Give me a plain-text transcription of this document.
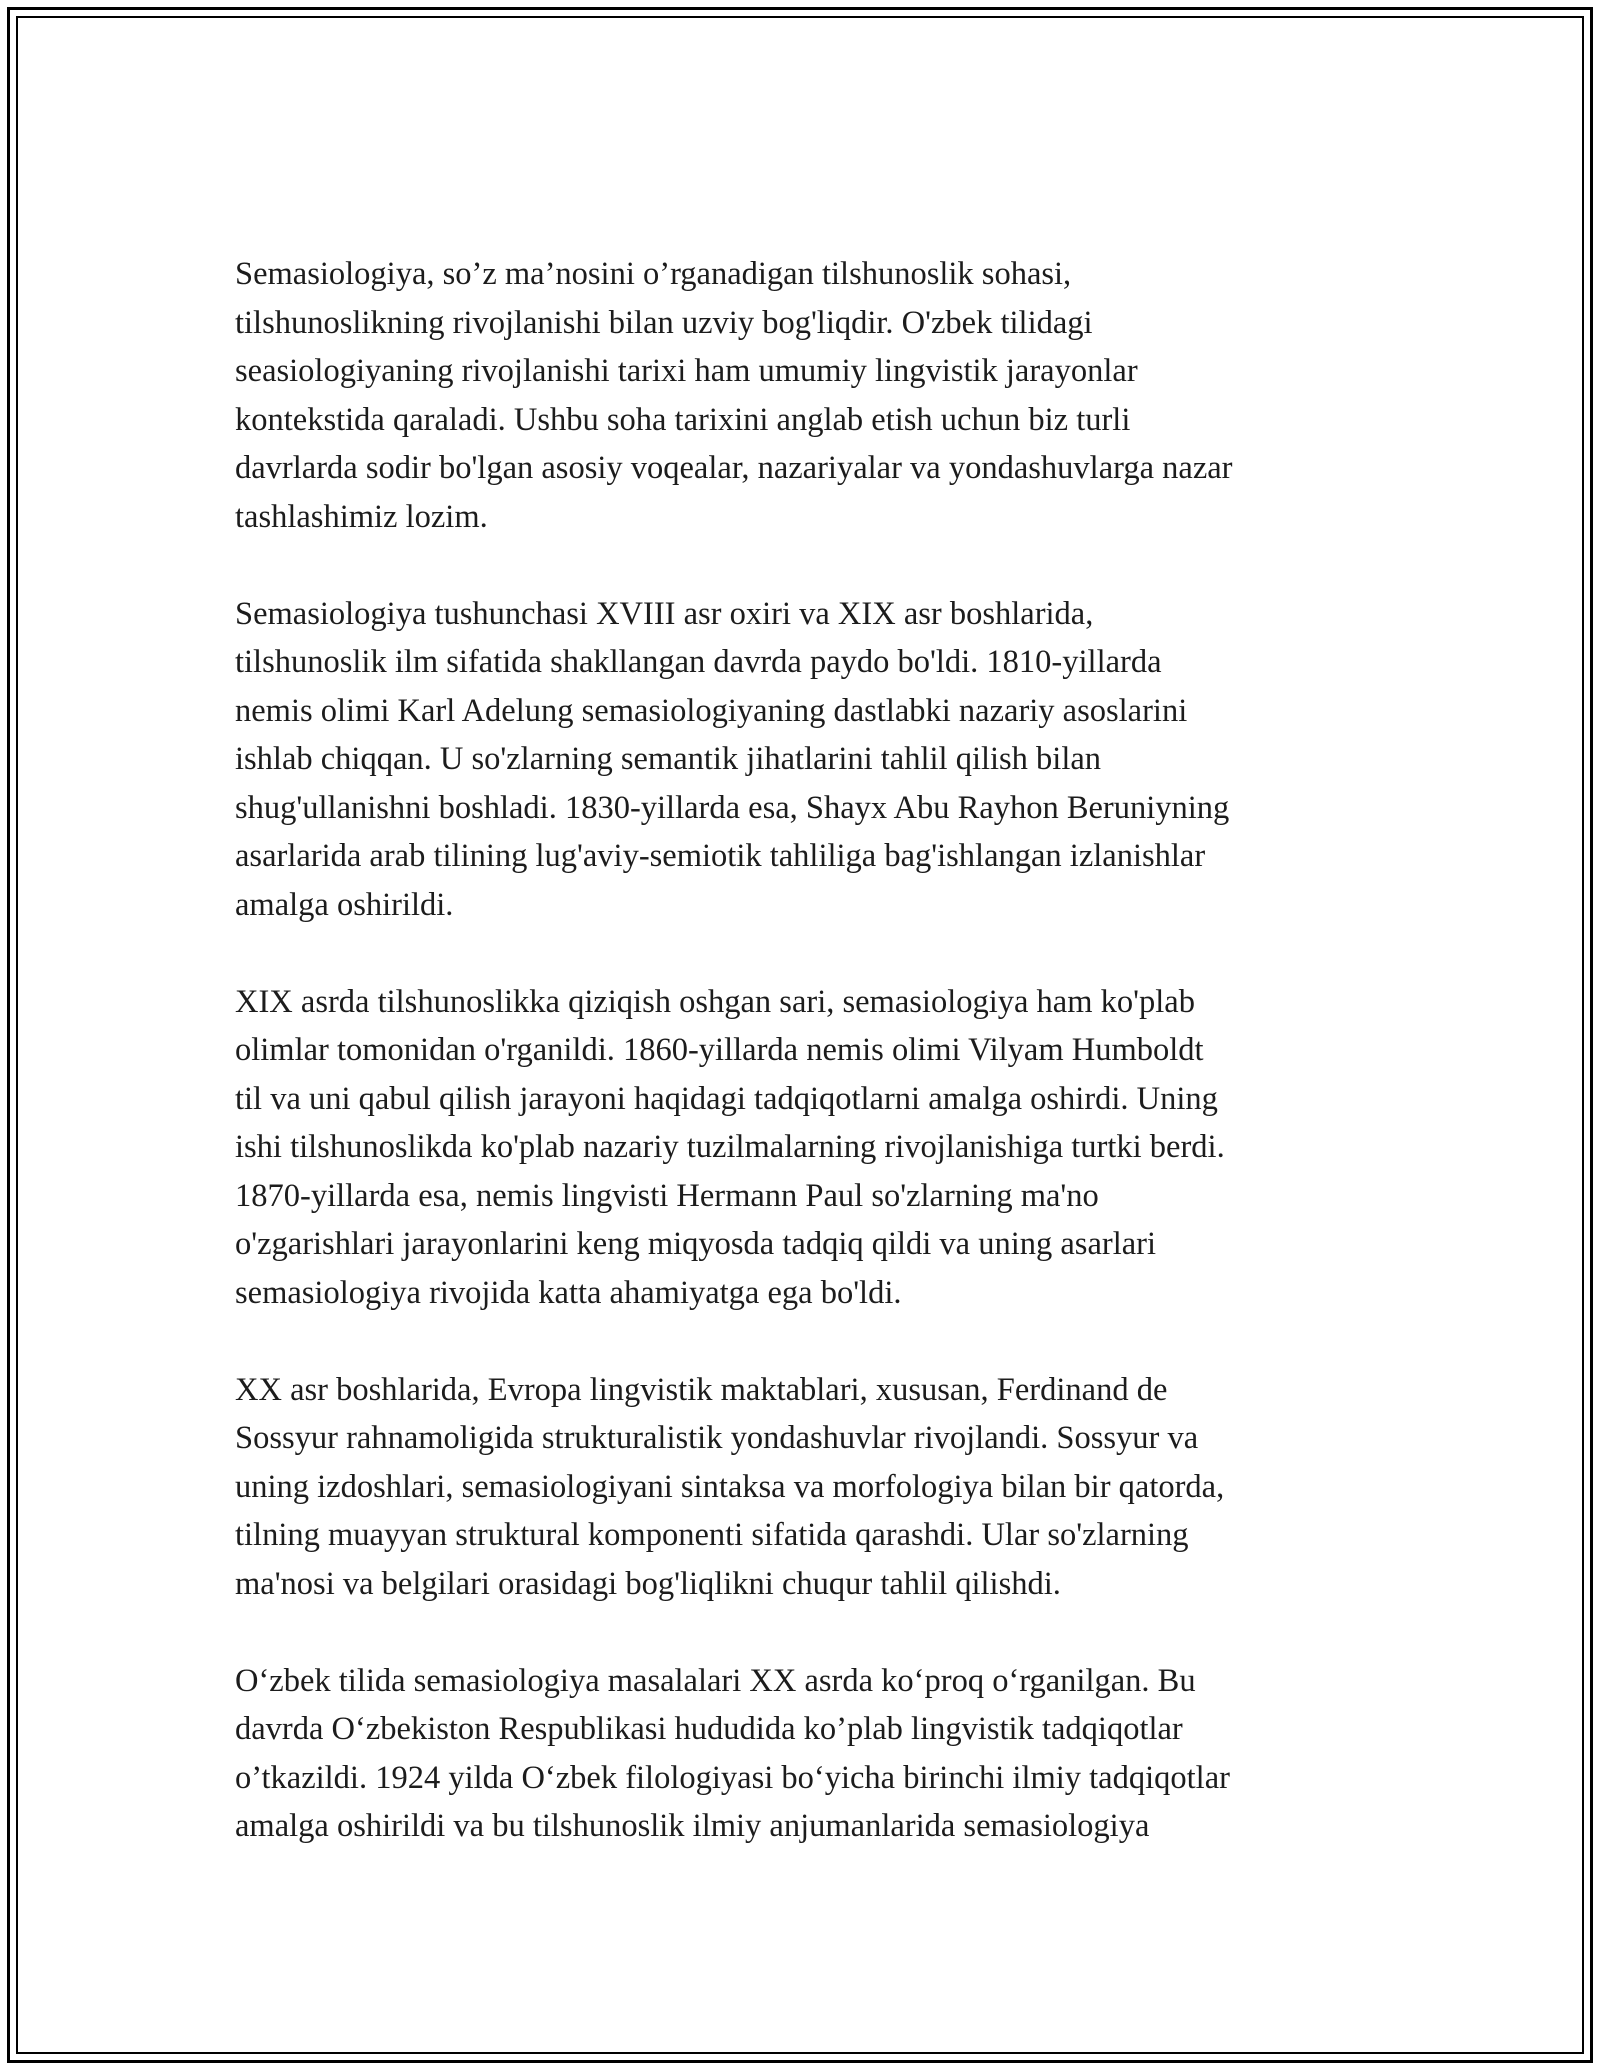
Semasiologiya, so’z ma’nosini o’rganadigan tilshunoslik sohasi,
tilshunoslikning rivojlanishi bilan uzviy bog'liqdir. O'zbek tilidagi
seasiologiyaning rivojlanishi tarixi ham umumiy lingvistik jarayonlar
kontekstida qaraladi. Ushbu soha tarixini anglab etish uchun biz turli
davrlarda sodir bo'lgan asosiy voqealar, nazariyalar va yondashuvlarga nazar
tashlashimiz lozim.

Semasiologiya tushunchasi XVIII asr oxiri va XIX asr boshlarida,
tilshunoslik ilm sifatida shakllangan davrda paydo bo'ldi. 1810-yillarda
nemis olimi Karl Adelung semasiologiyaning dastlabki nazariy asoslarini
ishlab chiqqan. U so'zlarning semantik jihatlarini tahlil qilish bilan
shug'ullanishni boshladi. 1830-yillarda esa, Shayx Abu Rayhon Beruniyning
asarlarida arab tilining lug'aviy-semiotik tahliliga bag'ishlangan izlanishlar
amalga oshirildi.

XIX asrda tilshunoslikka qiziqish oshgan sari, semasiologiya ham ko'plab
olimlar tomonidan o'rganildi. 1860-yillarda nemis olimi Vilyam Humboldt
til va uni qabul qilish jarayoni haqidagi tadqiqotlarni amalga oshirdi. Uning
ishi tilshunoslikda ko'plab nazariy tuzilmalarning rivojlanishiga turtki berdi.
1870-yillarda esa, nemis lingvisti Hermann Paul so'zlarning ma'no
o'zgarishlari jarayonlarini keng miqyosda tadqiq qildi va uning asarlari
semasiologiya rivojida katta ahamiyatga ega bo'ldi.

XX asr boshlarida, Evropa lingvistik maktablari, xususan, Ferdinand de
Sossyur rahnamoligida strukturalistik yondashuvlar rivojlandi. Sossyur va
uning izdoshlari, semasiologiyani sintaksa va morfologiya bilan bir qatorda,
tilning muayyan struktural komponenti sifatida qarashdi. Ular so'zlarning
ma'nosi va belgilari orasidagi bog'liqlikni chuqur tahlil qilishdi.

O‘zbek tilida semasiologiya masalalari XX asrda ko‘proq o‘rganilgan. Bu
davrda O‘zbekiston Respublikasi hududida ko’plab lingvistik tadqiqotlar
o’tkazildi. 1924 yilda O‘zbek filologiyasi bo‘yicha birinchi ilmiy tadqiqotlar
amalga oshirildi va bu tilshunoslik ilmiy anjumanlarida semasiologiya
